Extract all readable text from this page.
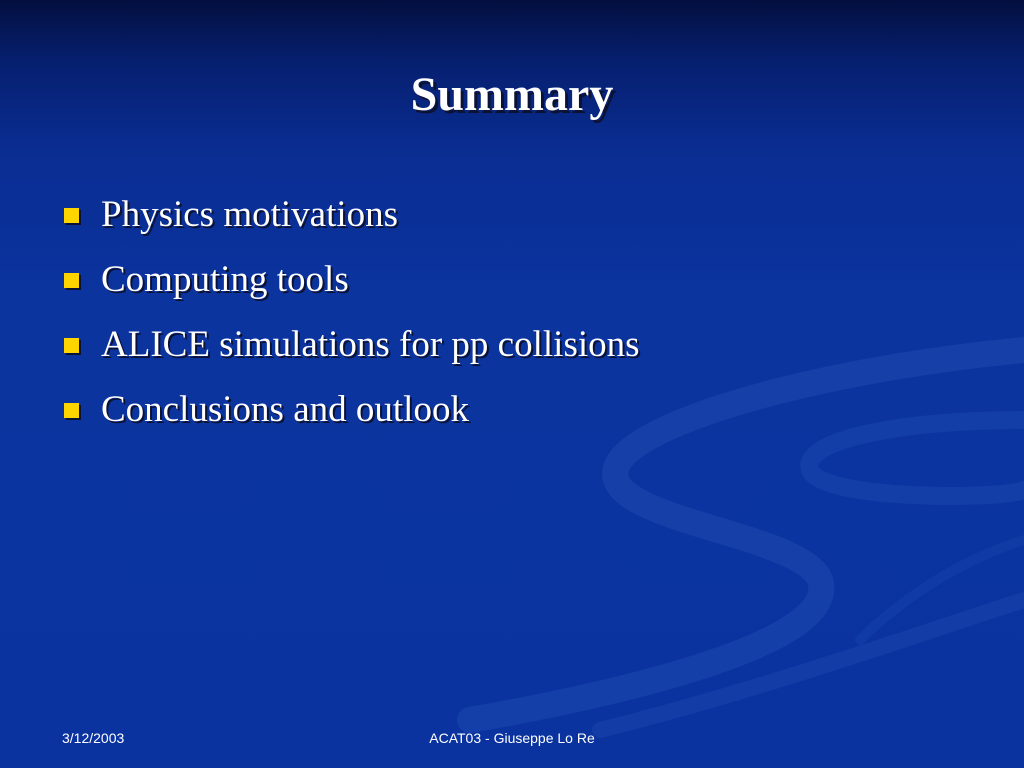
Summary
Physics motivations
Computing tools
ALICE simulations for pp collisions
Conclusions and outlook
3/12/2003	ACAT03 - Giuseppe Lo Re
